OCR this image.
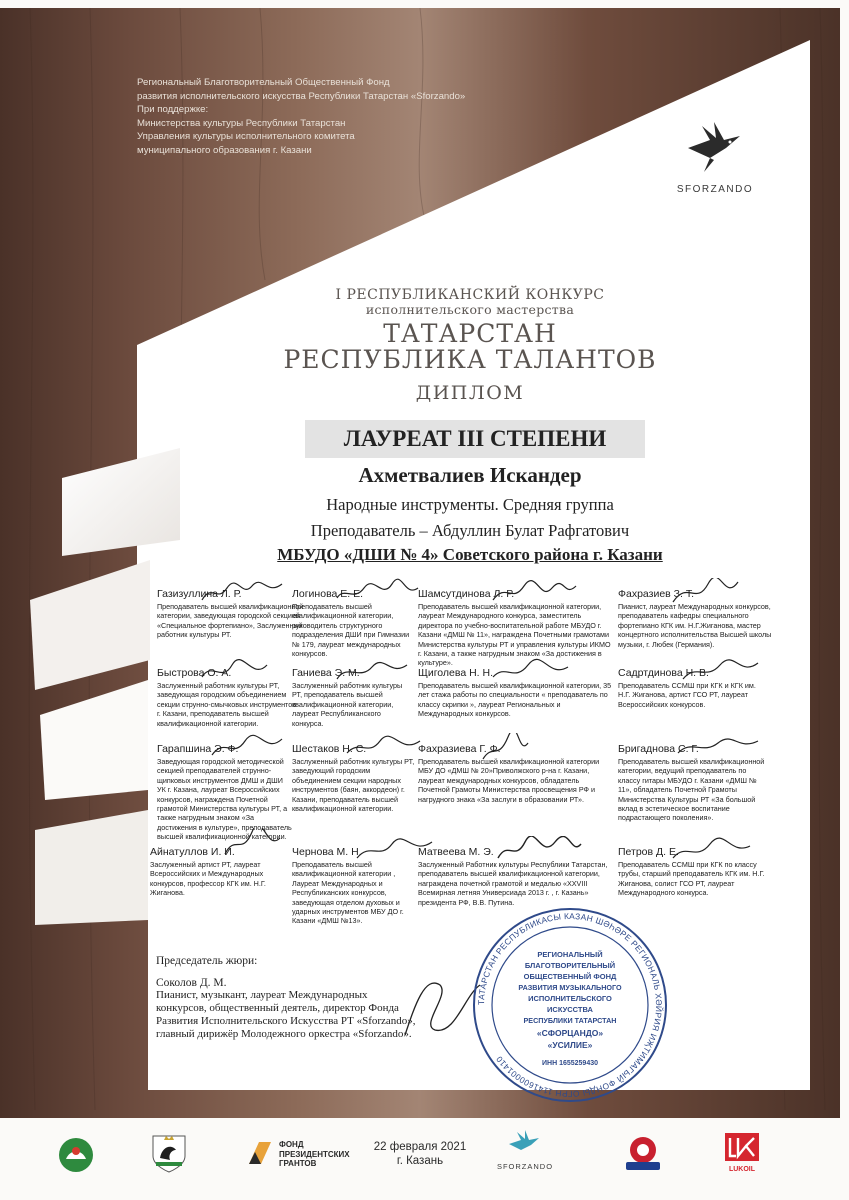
Региональный Благотворительный Общественный Фонд
развития исполнительского искусства Республики Татарстан «Sforzando»
При поддержке:
Министерства культуры Республики Татарстан
Управления культуры исполнительного комитета
муниципального образования г. Казани
SFORZANDO
I РЕСПУБЛИКАНСКИЙ КОНКУРС
исполнительского мастерства
ТАТАРСТАН
РЕСПУБЛИКА ТАЛАНТОВ
ДИПЛОМ
ЛАУРЕАТ III СТЕПЕНИ
Ахметвалиев Искандер
Народные инструменты. Средняя группа
Преподаватель – Абдуллин Булат Рафгатович
МБУДО «ДШИ № 4» Советского района г. Казани
Газизуллина Л. Р.
Преподаватель высшей квалификационной категории, заведующая городской секцией «Специальное фортепиано», Заслуженный работник культуры РТ.
Логинова Е. Е.
Преподаватель высшей квалификационной категории, руководитель структурного подразделения ДШИ при Гимназии № 179, лауреат международных конкурсов.
Шамсутдинова Л. Р.
Преподаватель высшей квалификационной категории, лауреат Международного конкурса, заместитель директора по учебно-воспитательной работе МБУДО г. Казани «ДМШ № 11», награждена Почетными грамотами Министерства культуры РТ и управления культуры ИКМО г. Казани, а также нагрудным знаком «За достижения в культуре».
Фахразиев З. Т.
Пианист, лауреат Международных конкурсов, преподаватель кафедры специального фортепиано КГК им. Н.Г.Жиганова, мастер концертного исполнительства Высшей школы музыки, г. Любек (Германия).
Быстрова О. А.
Заслуженный работник культуры РТ, заведующая городским объединением секции струнно-смычковых инструментов г. Казани, преподаватель высшей квалификационной категории.
Ганиева Э. М.
Заслуженный работник культуры РТ, преподаватель высшей квалификационной категории, лауреат Республиканского конкурса.
Щиголева Н. Н.
Преподаватель высшей квалификационной категории, 35 лет стажа работы по специальности « преподаватель по классу скрипки », лауреат Региональных и Международных конкурсов.
Садртдинова Н. В.
Преподаватель ССМШ при КГК и КГК им. Н.Г. Жиганова, артист ГСО РТ, лауреат Всероссийских конкурсов.
Гарапшина Э. Ф.
Заведующая городской методической секцией преподавателей струнно-щипковых инструментов ДМШ и ДШИ УК г. Казана, лауреат Всероссийских конкурсов, награждена Почетной грамотой Министерства культуры РТ, а также нагрудным знаком «За достижения в культуре», преподаватель высшей квалификационной категории.
Шестаков Н. С.
Заслуженный работник культуры РТ, заведующий городским объединением секции народных инструментов (баян, аккордеон) г. Казани, преподаватель высшей квалификационной категории.
Фахразиева Г. Ф.
Преподаватель высшей квалификационной категории МБУ ДО «ДМШ № 20»Приволжского р-на г. Казани, лауреат международных конкурсов, обладатель Почетной Грамоты Министерства просвещения РФ и нагрудного знака «За заслуги в образовании РТ».
Бригаднова С. Г.
Преподаватель высшей квалификационной категории, ведущий преподаватель по классу гитары МБУДО г. Казани «ДМШ № 11», обладатель Почетной Грамоты Министерства Культуры РТ «За большой вклад в эстетическое воспитание подрастающего поколения».
Айнатуллов И. И.
Заслуженный артист РТ, лауреат Всероссийских и Международных конкурсов, профессор КГК им. Н.Г. Жиганова.
Чернова М. Н.
Преподаватель высшей квалификационной категории , Лауреат Международных и Республиканских конкурсов, заведующая отделом духовых и ударных инструментов МБУ ДО г. Казани «ДМШ №13».
Матвеева М. Э.
Заслуженный Работник культуры Республики Татарстан, преподаватель высшей квалификационной категории, награждена почетной грамотой и медалью «XXVIII Всемирная летняя Универсиада 2013 г. , г. Казань» президента РФ, В.В. Путина.
Петров Д. Е.
Преподаватель ССМШ при КГК по классу трубы, старший преподаватель КГК им. Н.Г. Жиганова, солист ГСО РТ, лауреат Международного конкурса.
Председатель жюри:
Соколов Д. М.
Пианист, музыкант, лауреат Международных конкурсов, общественный деятель, директор Фонда Развития Исполнительского Искусства РТ «Sforzando», главный дирижёр Молодежного оркестра «Sforzando».
ТАТАРСТАН РЕСПУБЛИКАСЫ КАЗАН ШӘҺӘРЕ РЕГИОНАЛЬ ХӘЙРИЯ ИҖТИМАГЫЙ ФОНДЫ ОГРН 1141600001410
РЕГИОНАЛЬНЫЙ
БЛАГОТВОРИТЕЛЬНЫЙ
ОБЩЕСТВЕННЫЙ ФОНД
РАЗВИТИЯ МУЗЫКАЛЬНОГО
ИСПОЛНИТЕЛЬСКОГО
ИСКУССТВА
РЕСПУБЛИКИ ТАТАРСТАН
«СФОРЦАНДО»
«УСИЛИЕ»
ИНН 1655259430
ФОНД
ПРЕЗИДЕНТСКИХ
ГРАНТОВ
22 февраля 2021
г. Казань	SFORZANDO	LUKOIL
